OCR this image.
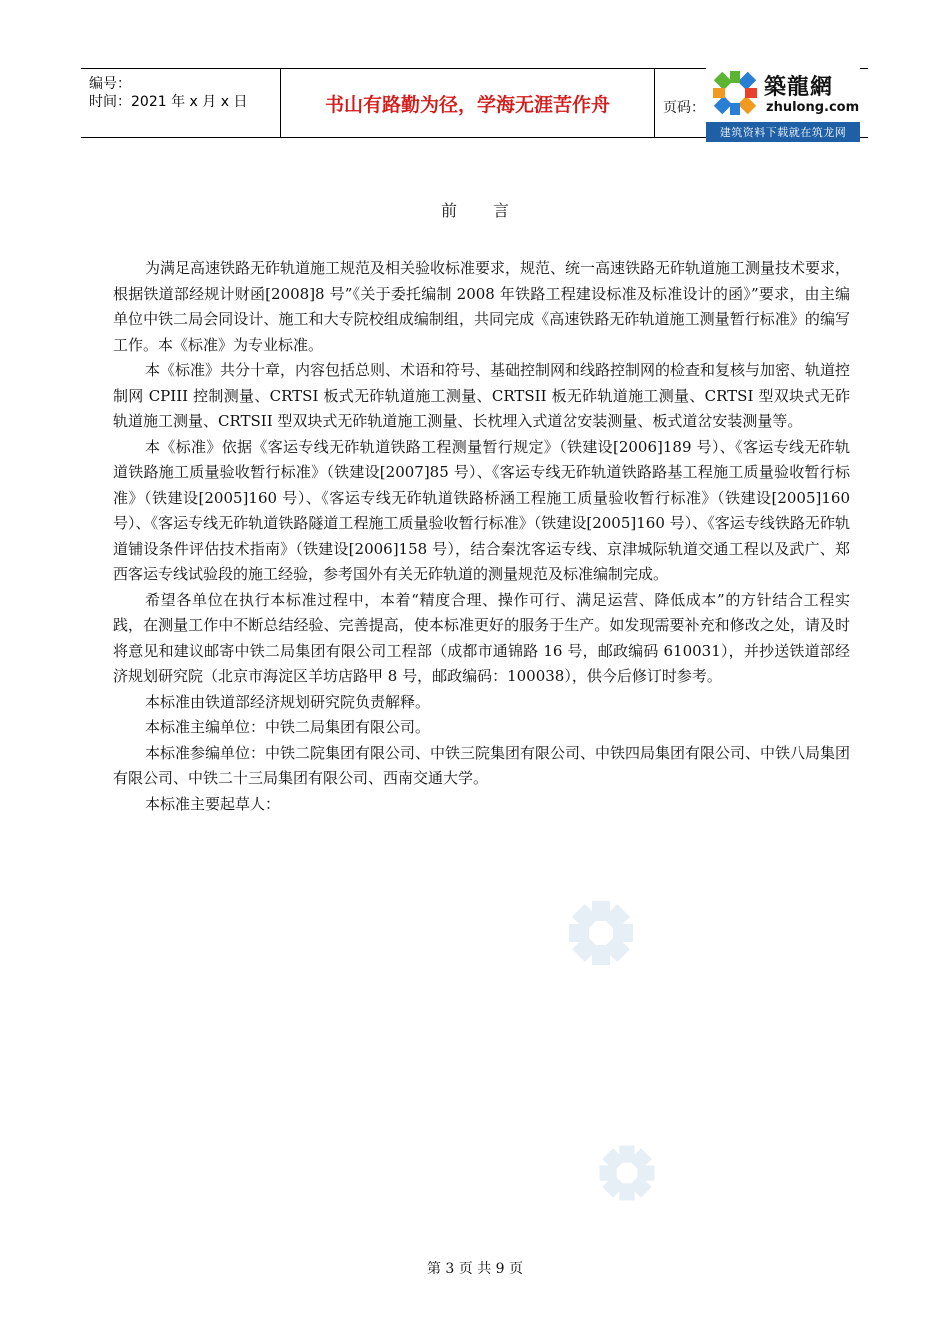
编号：
时间：2021 年 x 月 x 日	书山有路勤为径，学海无涯苦作舟	页码：
築龍網
zhulong.com
建筑资料下载就在筑龙网
前言

为满足高速铁路无砟轨道施工规范及相关验收标准要求，规范、统一高速铁路无砟轨道施工测量技术要求，根据铁道部经规计财函[2008]8 号”《关于委托编制 2008 年铁路工程建设标准及标准设计的函》”要求，由主编单位中铁二局会同设计、施工和大专院校组成编制组，共同完成《高速铁路无砟轨道施工测量暂行标准》的编写工作。本《标准》为专业标准。

本《标准》共分十章，内容包括总则、术语和符号、基础控制网和线路控制网的检查和复核与加密、轨道控制网 CPIII 控制测量、CRTSI 板式无砟轨道施工测量、CRTSII 板无砟轨道施工测量、CRTSI 型双块式无砟轨道施工测量、CRTSII 型双块式无砟轨道施工测量、长枕埋入式道岔安装测量、板式道岔安装测量等。

本《标准》依据《客运专线无砟轨道铁路工程测量暂行规定》（铁建设[2006]189 号）、《客运专线无砟轨道铁路施工质量验收暂行标准》（铁建设[2007]85 号）、《客运专线无砟轨道铁路路基工程施工质量验收暂行标准》（铁建设[2005]160 号）、《客运专线无砟轨道铁路桥涵工程施工质量验收暂行标准》（铁建设[2005]160 号）、《客运专线无砟轨道铁路隧道工程施工质量验收暂行标准》（铁建设[2005]160 号）、《客运专线铁路无砟轨道铺设条件评估技术指南》（铁建设[2006]158 号），结合秦沈客运专线、京津城际轨道交通工程以及武广、郑西客运专线试验段的施工经验，参考国外有关无砟轨道的测量规范及标准编制完成。

希望各单位在执行本标准过程中，本着“精度合理、操作可行、满足运营、降低成本”的方针结合工程实践，在测量工作中不断总结经验、完善提高，使本标准更好的服务于生产。如发现需要补充和修改之处，请及时将意见和建议邮寄中铁二局集团有限公司工程部（成都市通锦路 16 号，邮政编码 610031），并抄送铁道部经济规划研究院（北京市海淀区羊坊店路甲 8 号，邮政编码：100038），供今后修订时参考。

本标准由铁道部经济规划研究院负责解释。

本标准主编单位：中铁二局集团有限公司。

本标准参编单位：中铁二院集团有限公司、中铁三院集团有限公司、中铁四局集团有限公司、中铁八局集团有限公司、中铁二十三局集团有限公司、西南交通大学。

本标准主要起草人：

第 3 页 共 9 页
